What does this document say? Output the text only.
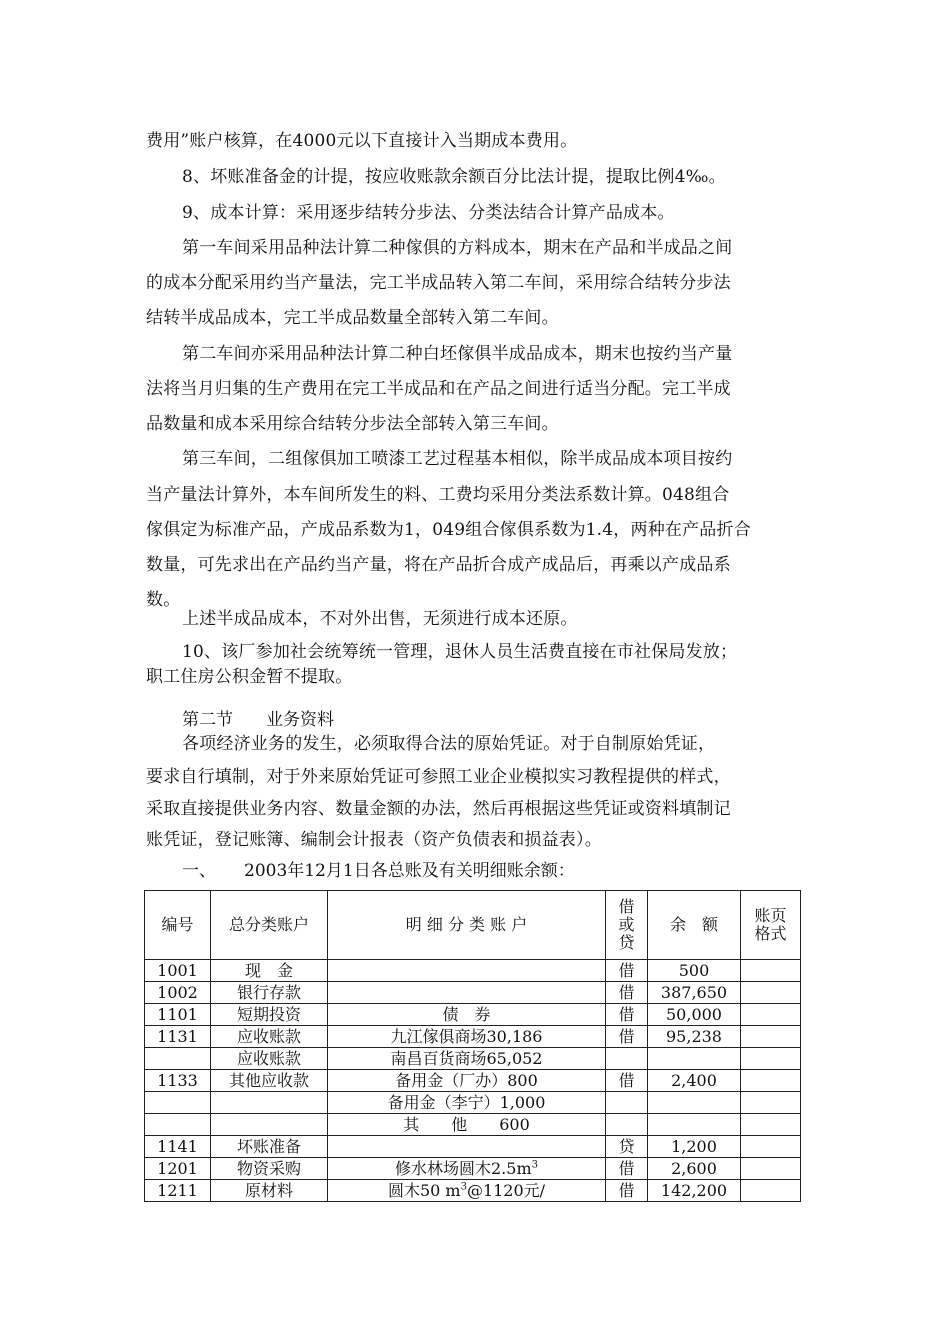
费用”账户核算，在4000元以下直接计入当期成本费用。
8、坏账准备金的计提，按应收账款余额百分比法计提，提取比例4‰。
9、成本计算：采用逐步结转分步法、分类法结合计算产品成本。
第一车间采用品种法计算二种傢俱的方料成本，期末在产品和半成品之间
的成本分配采用约当产量法，完工半成品转入第二车间，采用综合结转分步法
结转半成品成本，完工半成品数量全部转入第二车间。
第二车间亦采用品种法计算二种白坯傢俱半成品成本，期末也按约当产量
法将当月归集的生产费用在完工半成品和在产品之间进行适当分配。完工半成
品数量和成本采用综合结转分步法全部转入第三车间。
第三车间，二组傢俱加工喷漆工艺过程基本相似，除半成品成本项目按约
当产量法计算外，本车间所发生的料、工费均采用分类法系数计算。048组合
傢俱定为标准产品，产成品系数为1，049组合傢俱系数为1.4，两种在产品折合
数量，可先求出在产品约当产量，将在产品折合成产成品后，再乘以产成品系
数。
上述半成品成本，不对外出售，无须进行成本还原。
10、该厂参加社会统筹统一管理，退休人员生活费直接在市社保局发放；
职工住房公积金暂不提取。
第二节 业务资料
各项经济业务的发生，必须取得合法的原始凭证。对于自制原始凭证，
要求自行填制，对于外来原始凭证可参照工业企业模拟实习教程提供的样式，
采取直接提供业务内容、数量金额的办法，然后再根据这些凭证或资料填制记
账凭证，登记账簿、编制会计报表（资产负债表和损益表）。
一、 2003年12月1日各总账及有关明细账余额：
编号	总分类账户	明 细 分 类 账 户	借
或
贷	余　额	账页
格式
1001	现　金		借	500	
1002	银行存款		借	387,650	
1101	短期投资	债　券	借	50,000	
1131	应收账款	九江傢俱商场30,186	借	95,238	
	应收账款	南昌百货商场65,052			
1133	其他应收款	备用金（厂办）800	借	2,400	
		备用金（李宁）1,000			
		其　　他　　600			
1141	坏账准备		贷	1,200	
1201	物资采购	修水林场圆木$2.5m^3$	借	2,600	
1211	原材料	圆木50 $m^3@1120$元/	借	142,200	
